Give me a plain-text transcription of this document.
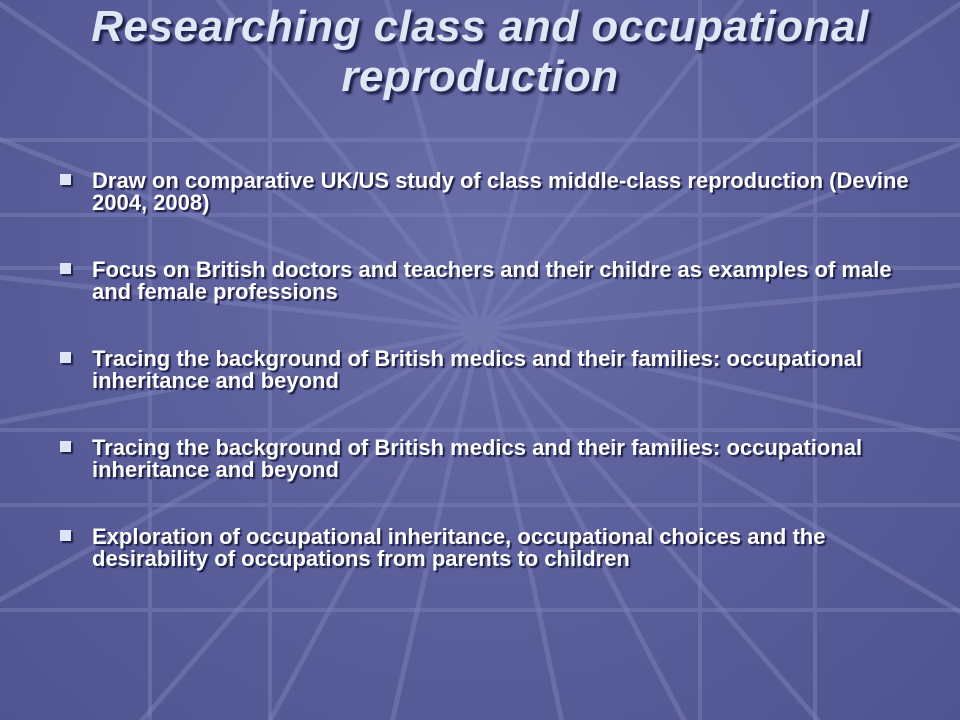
Researching class and occupational reproduction
Draw on comparative UK/US study of class middle-class reproduction (Devine 2004, 2008)
Focus on British doctors and teachers and their childre as examples of male and female professions
Tracing the background of British medics and their families: occupational inheritance and beyond
Tracing the background of British medics and their families: occupational inheritance and beyond
Exploration of occupational inheritance, occupational choices and the desirability of occupations from parents to children
